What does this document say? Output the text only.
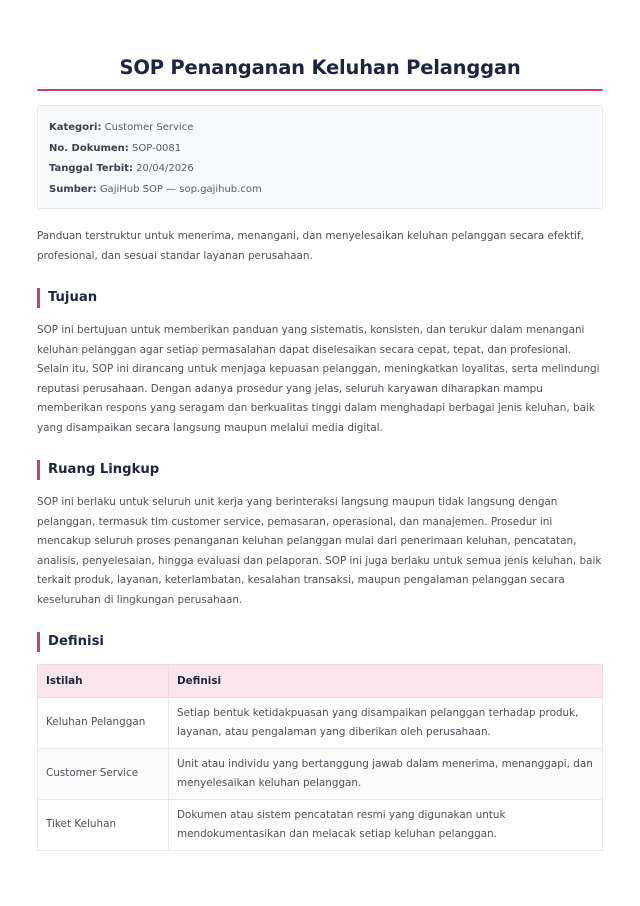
SOP Penanganan Keluhan Pelanggan
Kategori: Customer Service
No. Dokumen: SOP-0081
Tanggal Terbit: 20/04/2026
Sumber: GajiHub SOP — sop.gajihub.com

Panduan terstruktur untuk menerima, menangani, dan menyelesaikan keluhan pelanggan secara efektif, profesional, dan sesuai standar layanan perusahaan.

Tujuan

SOP ini bertujuan untuk memberikan panduan yang sistematis, konsisten, dan terukur dalam menangani keluhan pelanggan agar setiap permasalahan dapat diselesaikan secara cepat, tepat, dan profesional. Selain itu, SOP ini dirancang untuk menjaga kepuasan pelanggan, meningkatkan loyalitas, serta melindungi reputasi perusahaan. Dengan adanya prosedur yang jelas, seluruh karyawan diharapkan mampu memberikan respons yang seragam dan berkualitas tinggi dalam menghadapi berbagai jenis keluhan, baik yang disampaikan secara langsung maupun melalui media digital.

Ruang Lingkup

SOP ini berlaku untuk seluruh unit kerja yang berinteraksi langsung maupun tidak langsung dengan pelanggan, termasuk tim customer service, pemasaran, operasional, dan manajemen. Prosedur ini mencakup seluruh proses penanganan keluhan pelanggan mulai dari penerimaan keluhan, pencatatan, analisis, penyelesaian, hingga evaluasi dan pelaporan. SOP ini juga berlaku untuk semua jenis keluhan, baik terkait produk, layanan, keterlambatan, kesalahan transaksi, maupun pengalaman pelanggan secara keseluruhan di lingkungan perusahaan.

Definisi
Istilah	Definisi
Keluhan Pelanggan	Setiap bentuk ketidakpuasan yang disampaikan pelanggan terhadap produk, layanan, atau pengalaman yang diberikan oleh perusahaan.
Customer Service	Unit atau individu yang bertanggung jawab dalam menerima, menanggapi, dan menyelesaikan keluhan pelanggan.
Tiket Keluhan	Dokumen atau sistem pencatatan resmi yang digunakan untuk mendokumentasikan dan melacak setiap keluhan pelanggan.
